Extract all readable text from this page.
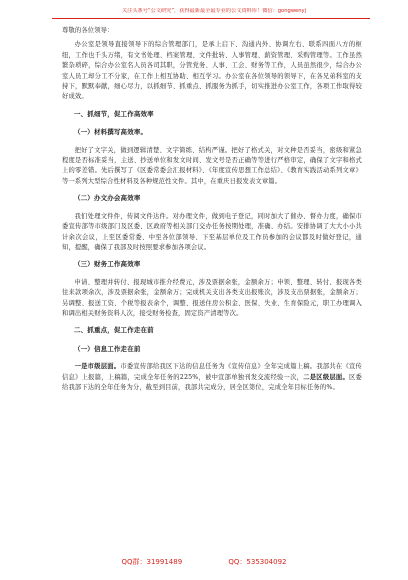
关注头条号“公文研究”，获得最新最全最专业的公文资料库！微信：gongwenyj

尊敬的各位领导：

办公室是领导直接领导下的综合管理部门，是承上启下、沟通内外、协调左右、联系四面八方的枢纽，工作也千头万绪，有文书处理、档案管理、文件批转、人事管理、薪资管理、采购管理等。工作虽然繁杂琐碎，综合办公室名人员各司其职，分管党务、人事、工会、财务等工作，人员虽然很少，综合办公室人员工却分工不分家，在工作上相互协助、相互学习。办公室在各位领导的领导下，在各兄弟科室的支持下，默默奉献，细心尽力，以抓细节、抓重点、抓服务为抓手，切实推进办公室工作，各项工作取得较好成效。

一、抓细节，促工作高效率

（一）材料撰写高效率。

把好了文字关，做到逻辑清楚、文字简练、结构严谨。把好了格式关，对文种是否妥当，密级和紧急程度是否标准妥当，主送、抄送单位和发文时间、发文号是否正确等等进行严格审定，确保了文字和格式上的零差错。先后撰写了《区委常委会汇报材料》、《年度宣传思想工作总结》、《教育实践活动系列文章》等一系列大型综合性材料及各种规范性文件。其中，在重庆日报发表文章篇。

（二）办文办会高效率

我们处理文件件，传阅文件达件。对办理文件，做到电子登记，同时加大了催办、督办力度，确保市委宣传部等市级部门及区委、区政府等相关部门交办任务按期处理，准确、办结。安排协调了大大小小共计余次会议，上至区委常委、中至各位部领导、下至基层单位及工作员参加的会议都及时做好登记，通知，提醒，确保了我部及时按照要求参加各项会议。

（三）财务工作高效率

申请、整理并转付、报现城市推介经费元，涉及票据余张，金额余万；申领、整理、转付、报现各类往来款项余次，涉及票据余张，金额余万；完成机关支出各类支出报账次，涉及支出票据张，金额余万；另调整、报送工资、个税等报表余个，调整、报送住房公积金、医保、失业、生育保险元，职工办理调入和调出相关财务资料人次，接受财务检查，固定资产清理等次。

二、抓重点，促工作走在前

（一）信息工作走在前

一是市级层面。市委宣传部给我区下达的信息任务为《宣传信息》全年完成篇上稿。我部共在《宣传信息》上报篇，上稿篇，完成全年任务的225%，被中宣部单独刊发交流经验一次，二是区级层面。区委给我部下达的全年任务为分，截至到目前，我部共完成分，居全区第位，完成全年目标任务的%。

QQ群：31991489	QQ：535304092
